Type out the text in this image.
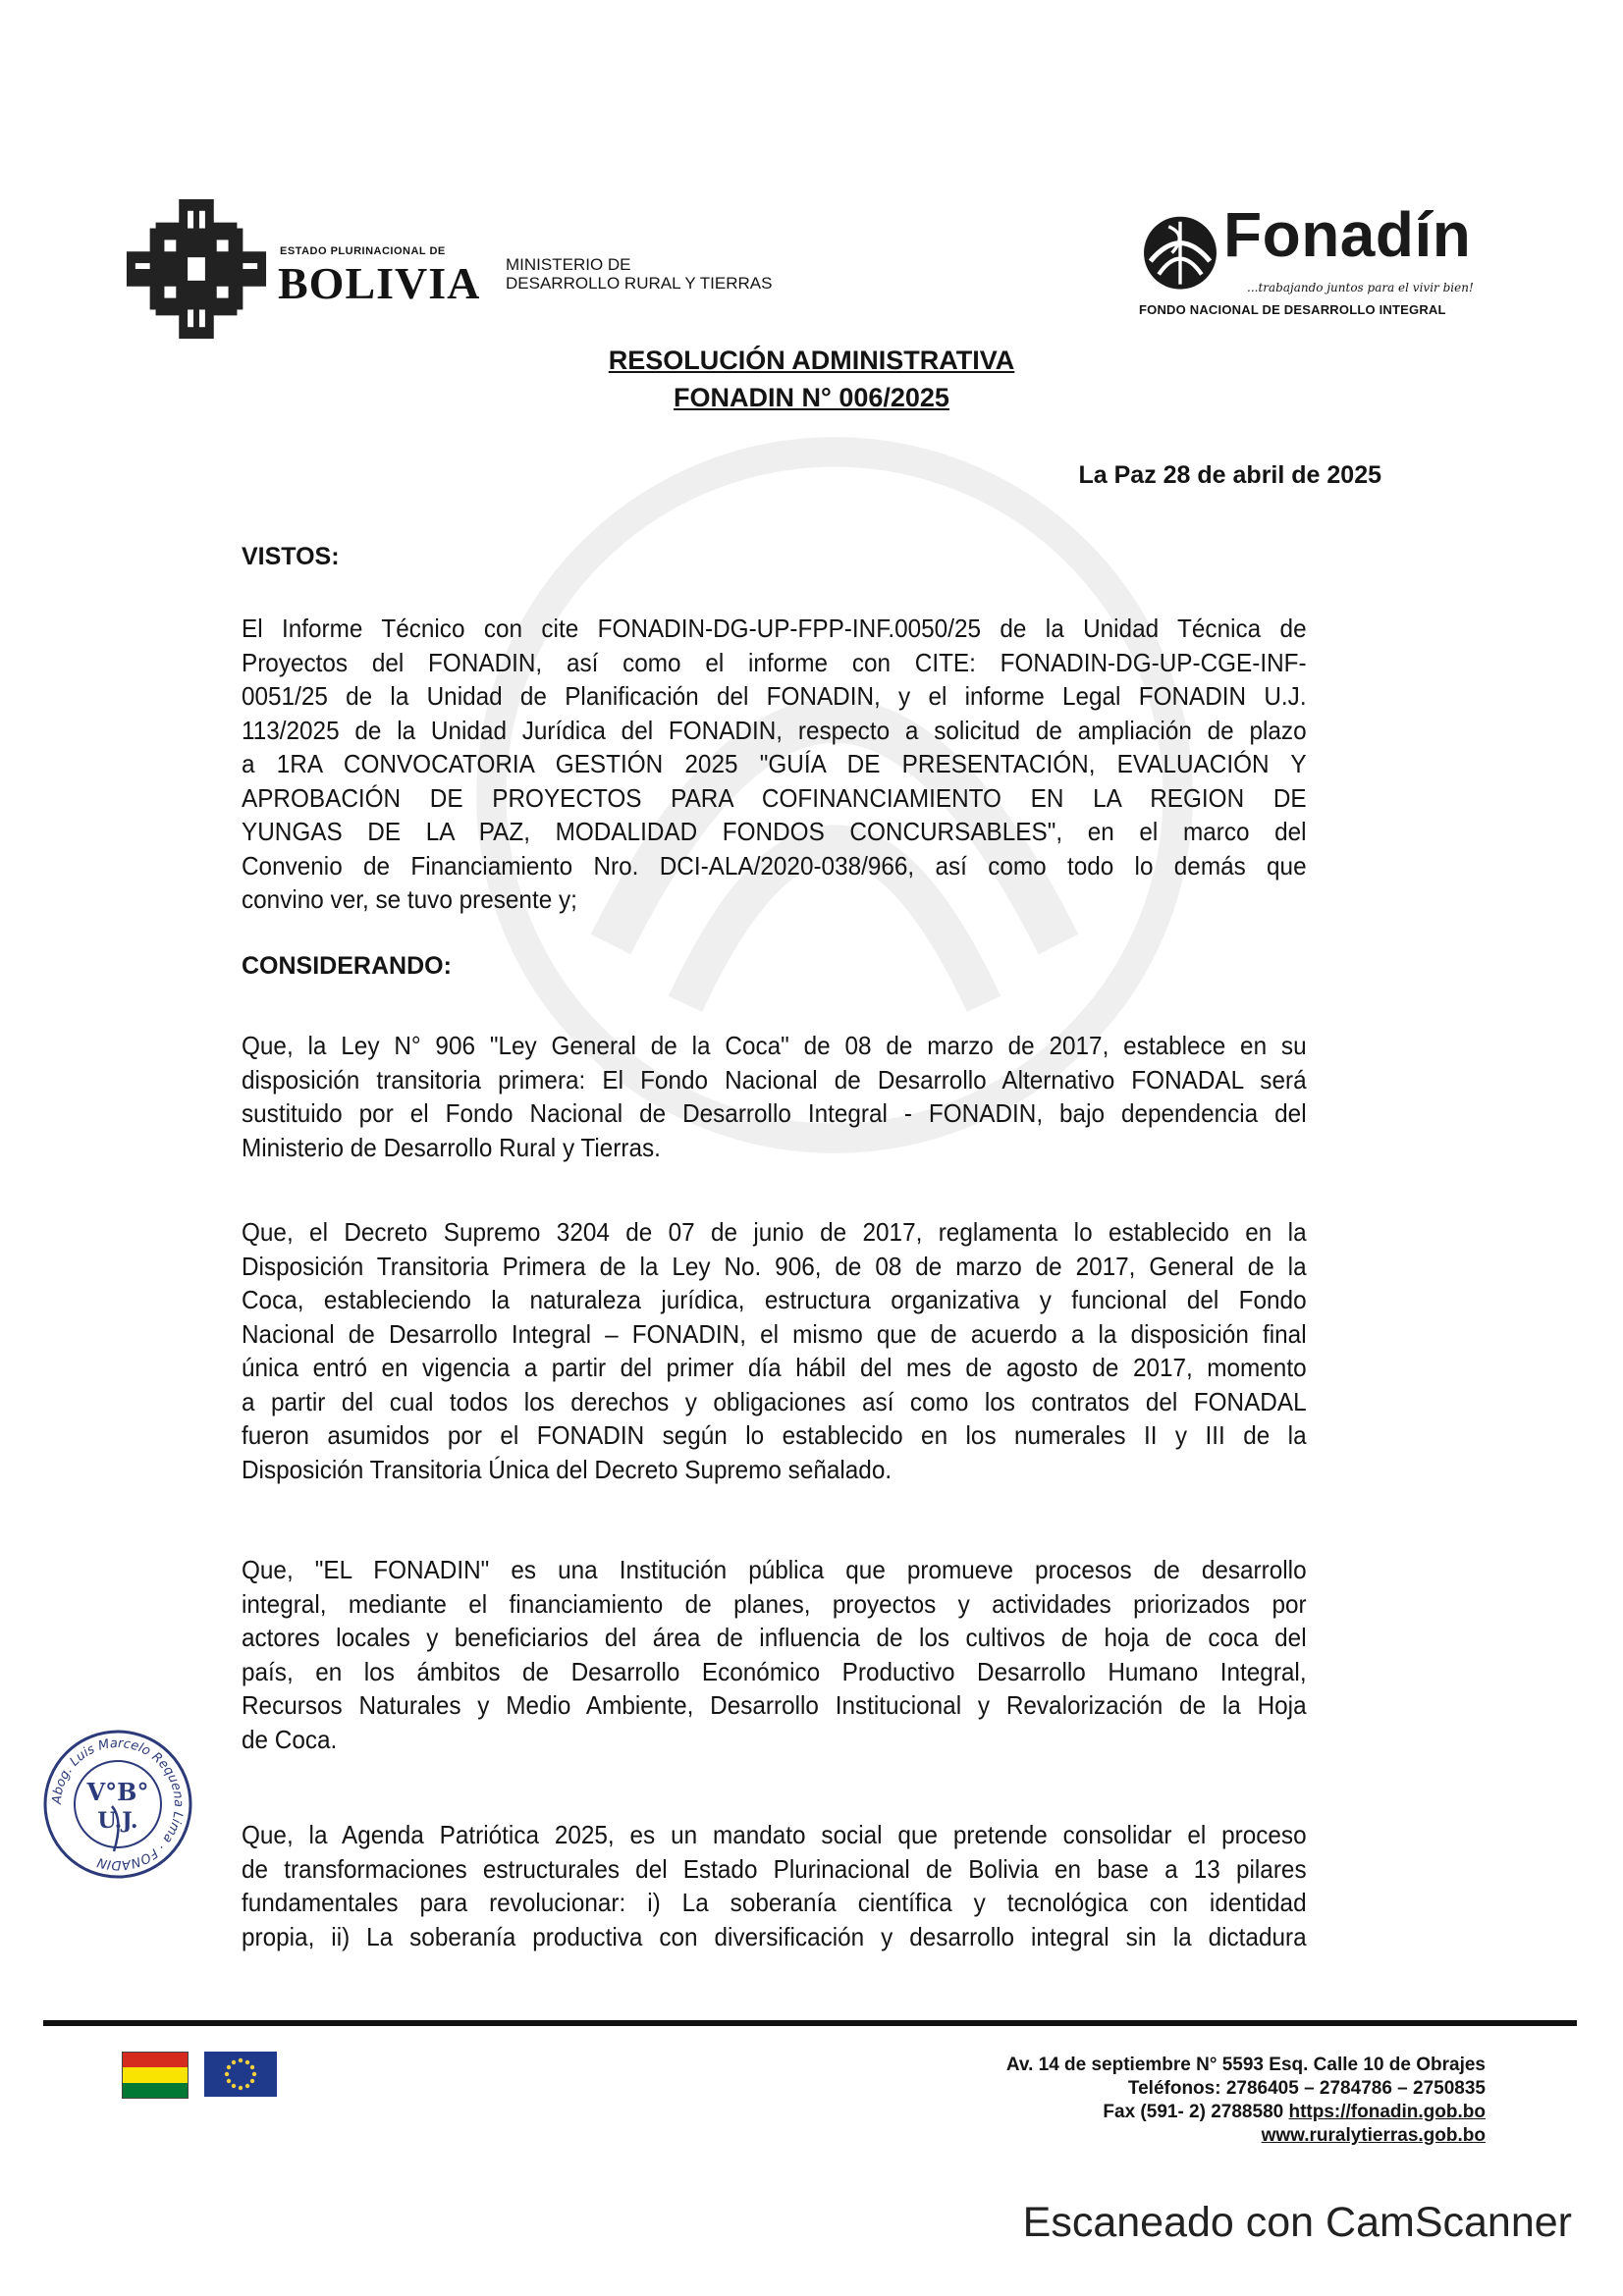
ESTADO PLURINACIONAL DE
BOLIVIA MINISTERIO DE
DESARROLLO RURAL Y TIERRAS
Fonadín
...trabajando juntos para el vivir bien!
FONDO NACIONAL DE DESARROLLO INTEGRAL
RESOLUCIÓN ADMINISTRATIVA
FONADIN N° 006/2025
La Paz 28 de abril de 2025
VISTOS:
El Informe Técnico con cite FONADIN-DG-UP-FPP-INF.0050/25 de la Unidad Técnica de
Proyectos del FONADIN, así como el informe con CITE: FONADIN-DG-UP-CGE-INF-
0051/25 de la Unidad de Planificación del FONADIN, y el informe Legal FONADIN U.J.
113/2025 de la Unidad Jurídica del FONADIN, respecto a solicitud de ampliación de plazo
a 1RA CONVOCATORIA GESTIÓN 2025 "GUÍA DE PRESENTACIÓN, EVALUACIÓN Y
APROBACIÓN DE PROYECTOS PARA COFINANCIAMIENTO EN LA REGION DE
YUNGAS DE LA PAZ, MODALIDAD FONDOS CONCURSABLES", en el marco del
Convenio de Financiamiento Nro. DCI-ALA/2020-038/966, así como todo lo demás que
convino ver, se tuvo presente y;
CONSIDERANDO:
Que, la Ley N° 906 "Ley General de la Coca" de 08 de marzo de 2017, establece en su
disposición transitoria primera: El Fondo Nacional de Desarrollo Alternativo FONADAL será
sustituido por el Fondo Nacional de Desarrollo Integral - FONADIN, bajo dependencia del
Ministerio de Desarrollo Rural y Tierras.
Que, el Decreto Supremo 3204 de 07 de junio de 2017, reglamenta lo establecido en la
Disposición Transitoria Primera de la Ley No. 906, de 08 de marzo de 2017, General de la
Coca, estableciendo la naturaleza jurídica, estructura organizativa y funcional del Fondo
Nacional de Desarrollo Integral – FONADIN, el mismo que de acuerdo a la disposición final
única entró en vigencia a partir del primer día hábil del mes de agosto de 2017, momento
a partir del cual todos los derechos y obligaciones así como los contratos del FONADAL
fueron asumidos por el FONADIN según lo establecido en los numerales II y III de la
Disposición Transitoria Única del Decreto Supremo señalado.
Que, "EL FONADIN" es una Institución pública que promueve procesos de desarrollo
integral, mediante el financiamiento de planes, proyectos y actividades priorizados por
actores locales y beneficiarios del área de influencia de los cultivos de hoja de coca del
país, en los ámbitos de Desarrollo Económico Productivo Desarrollo Humano Integral,
Recursos Naturales y Medio Ambiente, Desarrollo Institucional y Revalorización de la Hoja
de Coca.
Que, la Agenda Patriótica 2025, es un mandato social que pretende consolidar el proceso
de transformaciones estructurales del Estado Plurinacional de Bolivia en base a 13 pilares
fundamentales para revolucionar: i) La soberanía científica y tecnológica con identidad
propia, ii) La soberanía productiva con diversificación y desarrollo integral sin la dictadura
Abog. Luis Marcelo Requena Lima · FONADIN
V°B°
U.J.
Av. 14 de septiembre N° 5593 Esq. Calle 10 de Obrajes
Teléfonos: 2786405 – 2784786 – 2750835
Fax (591- 2) 2788580 https://fonadin.gob.bo
www.ruralytierras.gob.bo
Escaneado con CamScanner
